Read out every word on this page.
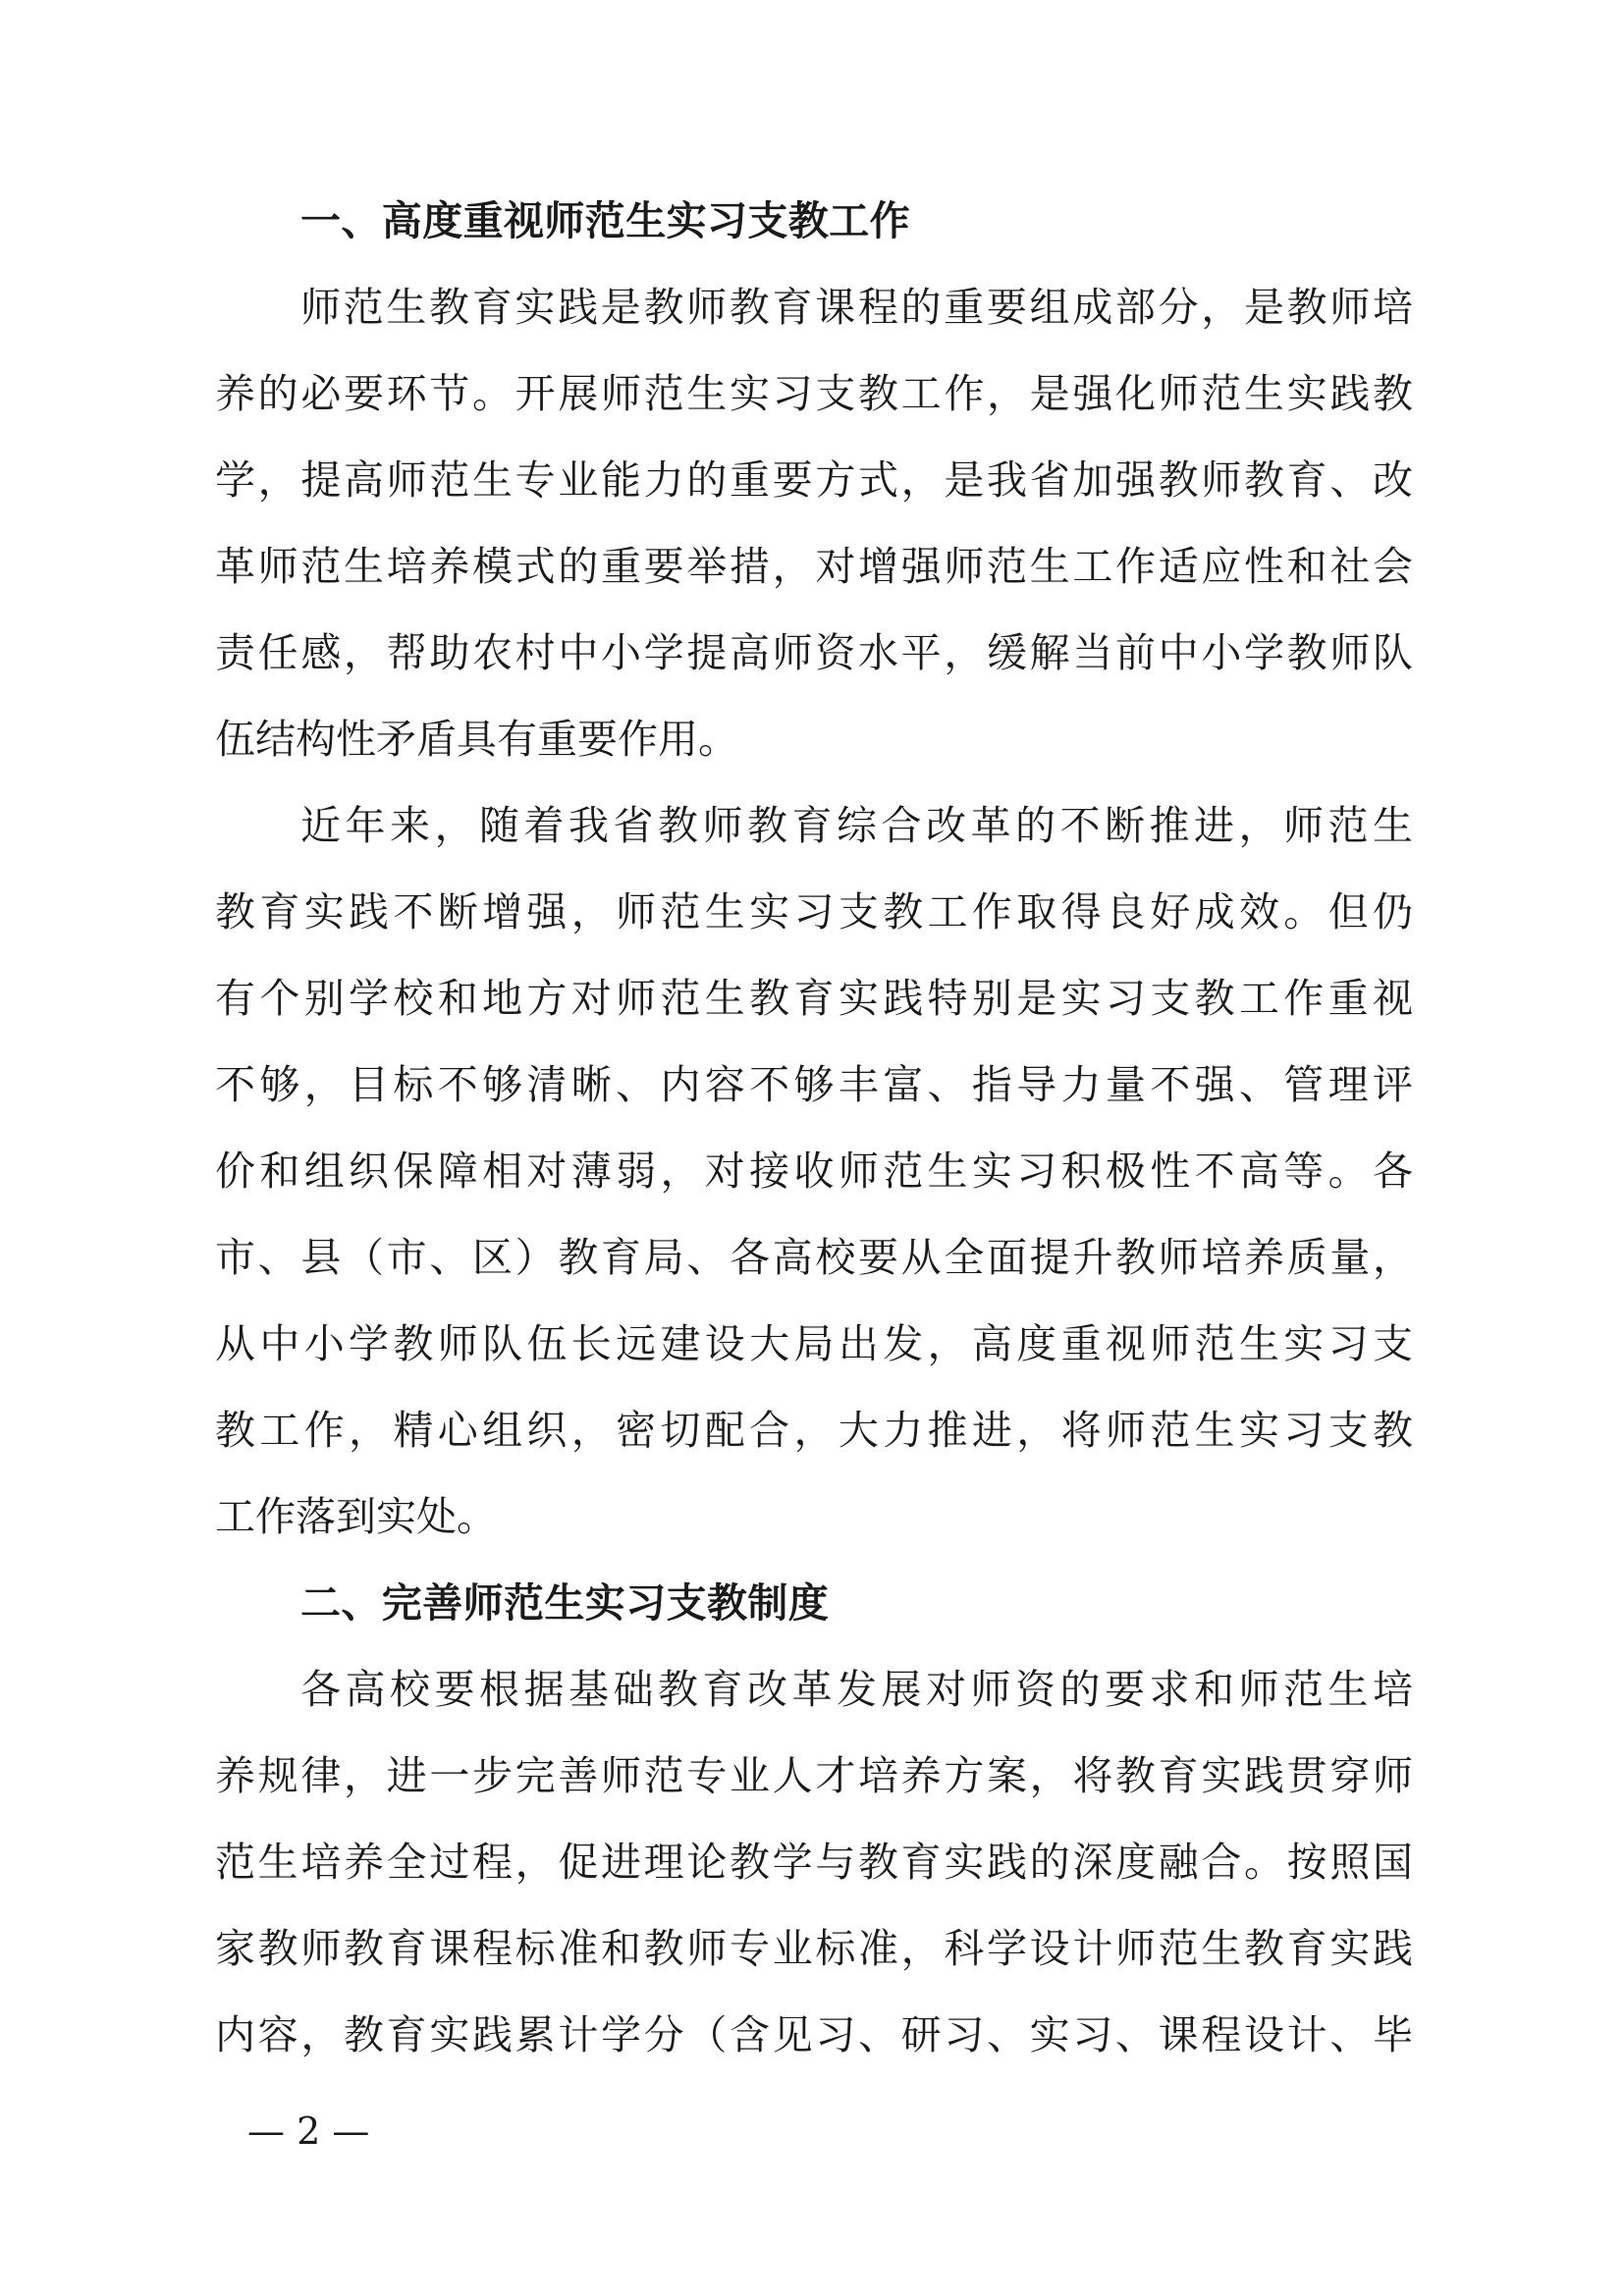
一、高度重视师范生实习支教工作

师范生教育实践是教师教育课程的重要组成部分，是教师培

养的必要环节。开展师范生实习支教工作，是强化师范生实践教

学，提高师范生专业能力的重要方式，是我省加强教师教育、改

革师范生培养模式的重要举措，对增强师范生工作适应性和社会

责任感，帮助农村中小学提高师资水平，缓解当前中小学教师队

伍结构性矛盾具有重要作用。

近年来，随着我省教师教育综合改革的不断推进，师范生

教育实践不断增强，师范生实习支教工作取得良好成效。但仍

有个别学校和地方对师范生教育实践特别是实习支教工作重视

不够，目标不够清晰、内容不够丰富、指导力量不强、管理评

价和组织保障相对薄弱，对接收师范生实习积极性不高等。各

市、县（市、区）教育局、各高校要从全面提升教师培养质量，

从中小学教师队伍长远建设大局出发，高度重视师范生实习支

教工作，精心组织，密切配合，大力推进，将师范生实习支教

工作落到实处。

二、完善师范生实习支教制度

各高校要根据基础教育改革发展对师资的要求和师范生培

养规律，进一步完善师范专业人才培养方案，将教育实践贯穿师

范生培养全过程，促进理论教学与教育实践的深度融合。按照国

家教师教育课程标准和教师专业标准，科学设计师范生教育实践

内容，教育实践累计学分（含见习、研习、实习、课程设计、毕

— 2 —
